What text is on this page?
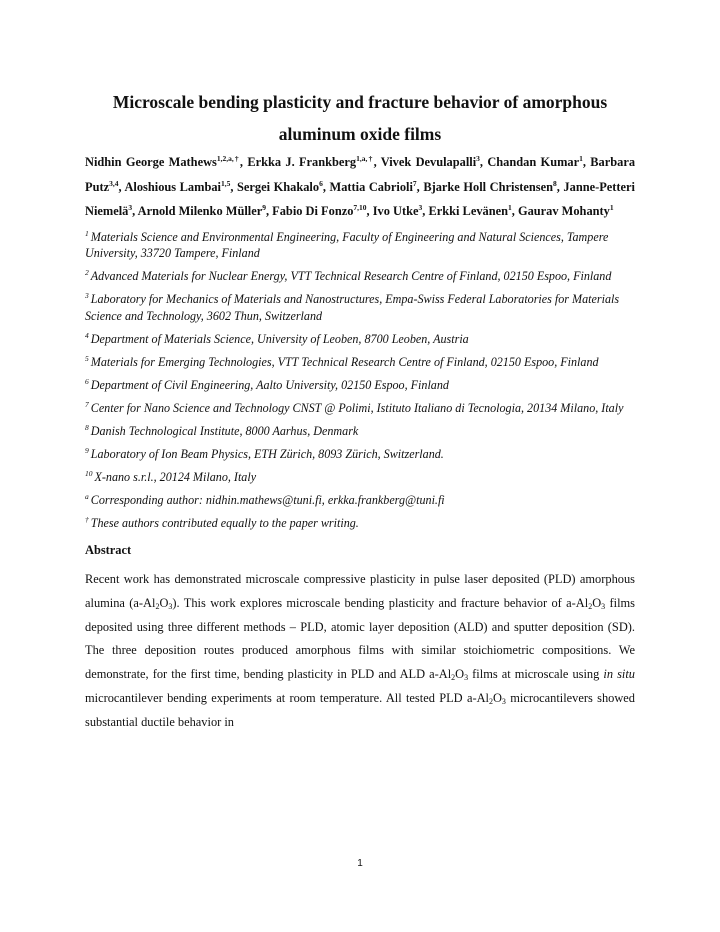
Microscale bending plasticity and fracture behavior of amorphous
aluminum oxide films
Nidhin George Mathews$^{1,2,a,\dagger}$, Erkka J. Frankberg$^{1,a,\dagger}$, Vivek Devulapalli$^3$, Chandan Kumar$^1$, Barbara Putz$^{3,4}$, Aloshious Lambai$^{1,5}$, Sergei Khakalo$^6$, Mattia Cabrioli$^7$, Bjarke Holl Christensen$^8$, Janne-Petteri Niemelä$^3$, Arnold Milenko Müller$^9$, Fabio Di Fonzo$^{7,10}$, Ivo Utke$^3$, Erkki Levänen$^1$, Gaurav Mohanty$^1$
$^1$ Materials Science and Environmental Engineering, Faculty of Engineering and Natural Sciences, Tampere University, 33720 Tampere, Finland
$^2$ Advanced Materials for Nuclear Energy, VTT Technical Research Centre of Finland, 02150 Espoo, Finland
$^3$ Laboratory for Mechanics of Materials and Nanostructures, Empa-Swiss Federal Laboratories for Materials Science and Technology, 3602 Thun, Switzerland
$^4$ Department of Materials Science, University of Leoben, 8700 Leoben, Austria
$^5$ Materials for Emerging Technologies, VTT Technical Research Centre of Finland, 02150 Espoo, Finland
$^6$ Department of Civil Engineering, Aalto University, 02150 Espoo, Finland
$^7$ Center for Nano Science and Technology CNST @ Polimi, Istituto Italiano di Tecnologia, 20134 Milano, Italy
$^8$ Danish Technological Institute, 8000 Aarhus, Denmark
$^9$ Laboratory of Ion Beam Physics, ETH Zürich, 8093 Zürich, Switzerland.
$^{10}$ X-nano s.r.l., 20124 Milano, Italy
$^a$ Corresponding author: nidhin.mathews@tuni.fi, erkka.frankberg@tuni.fi
† These authors contributed equally to the paper writing.
Abstract

Recent work has demonstrated microscale compressive plasticity in pulse laser deposited (PLD) amorphous alumina $(a-Al_2O_3)$. This work explores microscale bending plasticity and fracture behavior of $a-Al_2O_3$ films deposited using three different methods – PLD, atomic layer deposition (ALD) and sputter deposition (SD). The three deposition routes produced amorphous films with similar stoichiometric compositions. We demonstrate, for the first time, bending plasticity in PLD and ALD $a-Al_2O_3$ films at microscale using in situ microcantilever bending experiments at room temperature. All tested PLD $a-Al_2O_3$ microcantilevers showed substantial ductile behavior in

1
